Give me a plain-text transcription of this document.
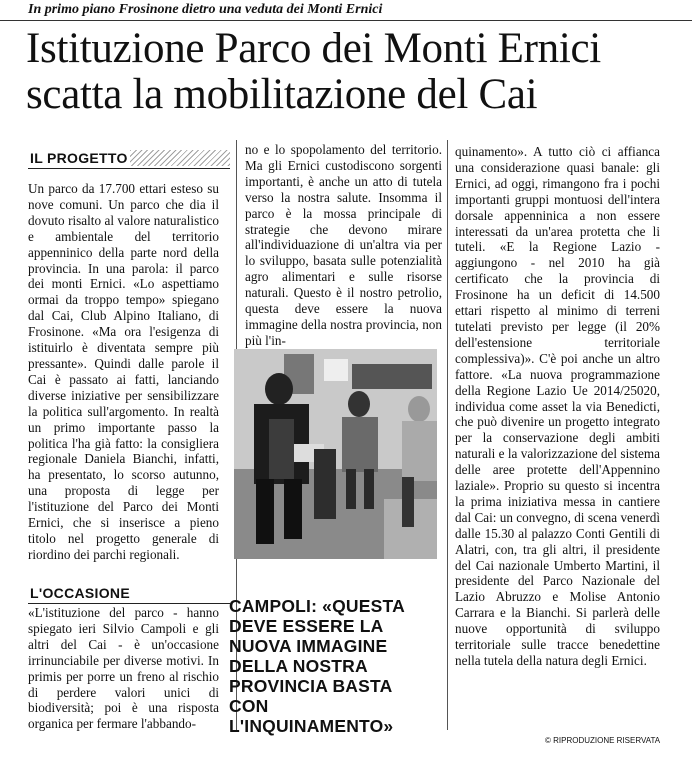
In primo piano Frosinone dietro una veduta dei Monti Ernici
Istituzione Parco dei Monti Ernici
scatta la mobilitazione del Cai
IL PROGETTO

Un parco da 17.700 ettari esteso su nove comuni. Un parco che dia il dovuto risalto al valore naturalistico e ambientale del territorio appenninico della parte nord della provincia. In una parola: il parco dei monti Ernici. «Lo aspettiamo ormai da troppo tempo» spiegano dal Cai, Club Alpino Italiano, di Frosinone. «Ma ora l'esigenza di istituirlo è diventata sempre più pressante». Quindi dalle parole il Cai è passato ai fatti, lanciando diverse iniziative per sensibilizzare la politica sull'argomento. In realtà un primo importante passo la politica l'ha già fatto: la consigliera regionale Daniela Bianchi, infatti, ha presentato, lo scorso autunno, una proposta di legge per l'istituzione del Parco dei Monti Ernici, che si inserisce a pieno titolo nel progetto generale di riordino dei parchi regionali.

L'OCCASIONE

«L'istituzione del parco - hanno spiegato ieri Silvio Campoli e gli altri del Cai - è un'occasione irrinunciabile per diverse motivi. In primis per porre un freno al rischio di perdere valori unici di biodiversità; poi è una risposta organica per fermare l'abbando-

no e lo spopolamento del territorio. Ma gli Ernici custodiscono sorgenti importanti, è anche un atto di tutela verso la nostra salute. Insomma il parco è la mossa principale di strategie che devono mirare all'individuazione di un'altra via per lo sviluppo, basata sulle potenzialità agro alimentari e sulle risorse naturali. Questo è il nostro petrolio, questa deve essere la nuova immagine della nostra provincia, non più l'in-

CAMPOLI: «QUESTA DEVE ESSERE LA NUOVA IMMAGINE DELLA NOSTRA PROVINCIA BASTA CON L'INQUINAMENTO»

quinamento». A tutto ciò ci affianca una considerazione quasi banale: gli Ernici, ad oggi, rimangono fra i pochi importanti gruppi montuosi dell'intera dorsale appenninica a non essere interessati da un'area protetta che li tuteli. «E la Regione Lazio - aggiungono - nel 2010 ha già certificato che la provincia di Frosinone ha un deficit di 14.500 ettari rispetto al minimo di terreni tutelati previsto per legge (il 20% dell'estensione territoriale complessiva)». C'è poi anche un altro fattore. «La nuova programmazione della Regione Lazio Ue 2014/25020, individua come asset la via Benedicti, che può divenire un progetto integrato per la conservazione degli ambiti naturali e la valorizzazione del sistema delle aree protette dell'Appennino laziale». Proprio su questo si incentra la prima iniziativa messa in cantiere dal Cai: un convegno, di scena venerdì dalle 15.30 al palazzo Conti Gentili di Alatri, con, tra gli altri, il presidente del Cai nazionale Umberto Martini, il presidente del Parco Nazionale del Lazio Abruzzo e Molise Antonio Carrara e la Bianchi. Si parlerà delle nuove opportunità di sviluppo territoriale sulle tracce benedettine nella tutela della natura degli Ernici.

© RIPRODUZIONE RISERVATA
